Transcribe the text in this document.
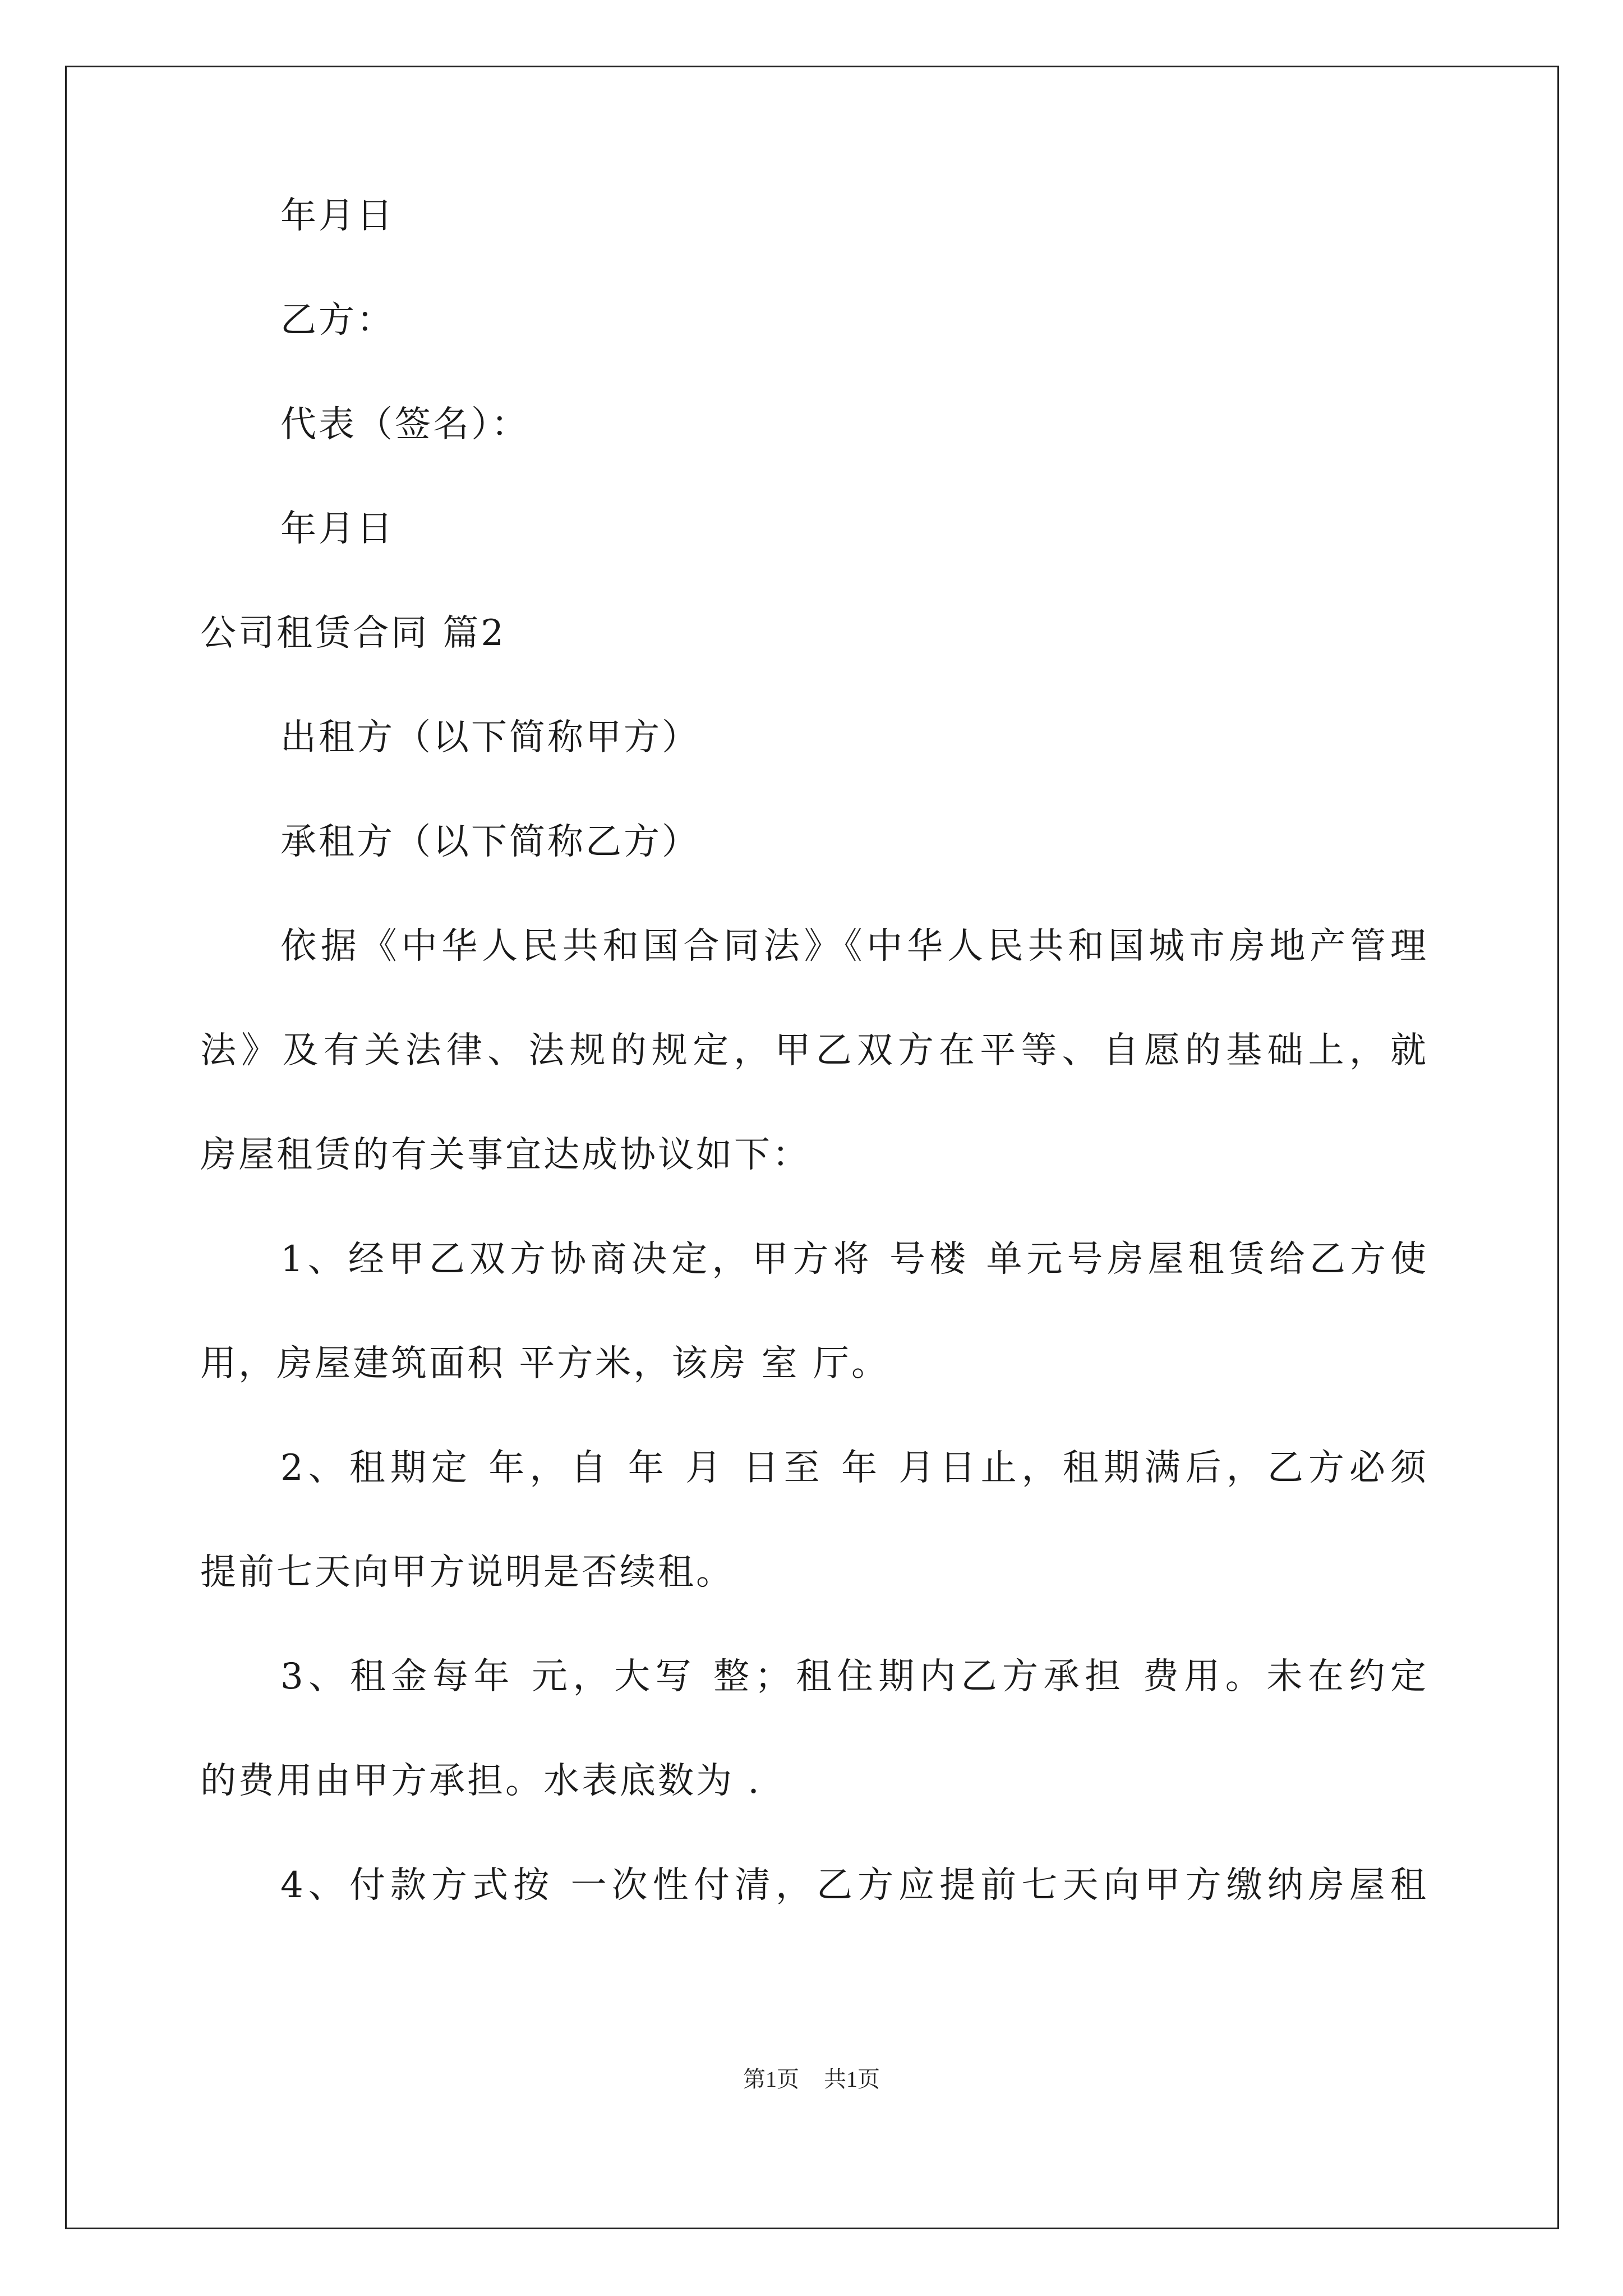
年月日
乙方：
代表（签名）：
年月日
公司租赁合同 篇2
出租方（以下简称甲方）
承租方（以下简称乙方）
依据《中华人民共和国合同法》《中华人民共和国城市房地产管理
法》及有关法律、法规的规定，甲乙双方在平等、自愿的基础上，就
房屋租赁的有关事宜达成协议如下：
1、经甲乙双方协商决定，甲方将 号楼 单元号房屋租赁给乙方使
用，房屋建筑面积 平方米，该房 室 厅。
2、租期定 年，自 年 月 日至 年 月日止，租期满后，乙方必须
提前七天向甲方说明是否续租。
3、租金每年 元，大写 整；租住期内乙方承担 费用。未在约定
的费用由甲方承担。水表底数为 .
4、付款方式按 一次性付清，乙方应提前七天向甲方缴纳房屋租
第1页 共1页
